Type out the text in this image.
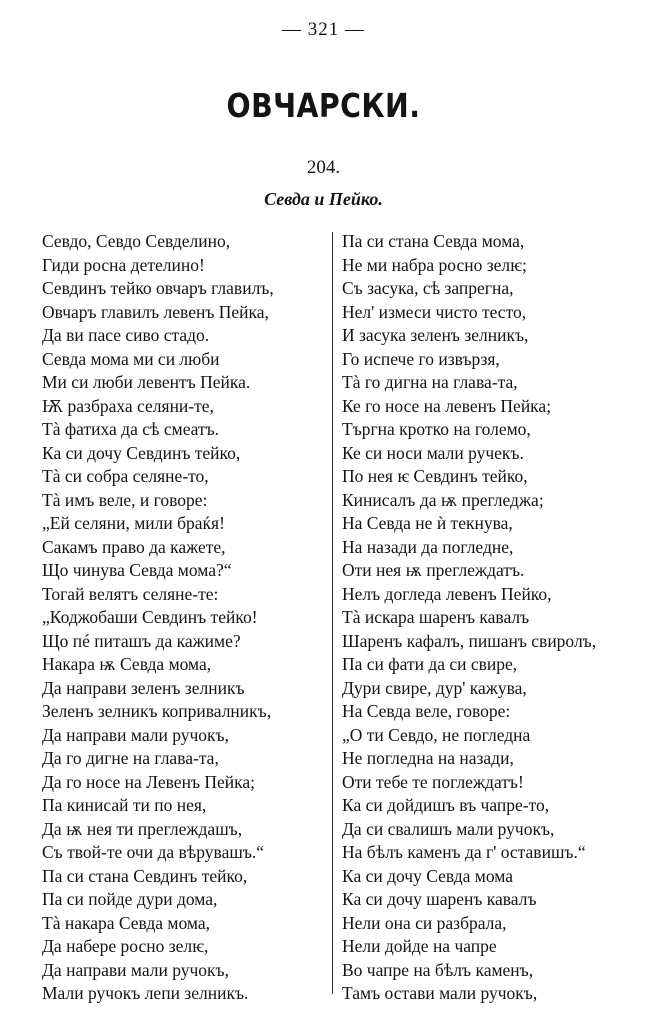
— 321 —
ОВЧАРСКИ.
204.
Севда и Пейко.
Севдо, Севдо Севделино,
Гиди росна детелино!
Севдинъ тейко овчаръ главилъ,
Овчаръ главилъ левенъ Пейка,
Да ви пасе сиво стадо.
Севда мома ми си люби
Ми си люби левентъ Пейка.
Ѭ разбраха селяни-те,
Тà фатиха да сѣ смеатъ.
Ка си дочу Севдинъ тейко,
Тà си собра селяне-то,
Тà имъ веле, и говоре:
„Ей селяни, мили браќя!
Сакамъ право да кажете,
Що чинува Севда мома?“
Тогай велятъ селяне-те:
„Коджобаши Севдинъ тейко!
Що пé питашъ да кажиме?
Накара ѭ Севда мома,
Да направи зеленъ зелникъ
Зеленъ зелникъ копривалникъ,
Да направи мали ручокъ,
Да го дигне на глава-та,
Да го носе на Левенъ Пейка;
Па кинисай ти по нея,
Да ѭ нея ти преглеждашъ,
Съ твой-те очи да вѣрувашъ.“
Па си стана Севдинъ тейко,
Па си пойде дури дома,
Тà накара Севда мома,
Да набере росно зелѥ,
Да направи мали ручокъ,
Мали ручокъ лепи зелникъ.
Па си стана Севда мома,
Не ми набра росно зелѥ;
Съ засука, сѣ запрегна,
Нел' измеси чисто тесто,
И засука зеленъ зелникъ,
Го испече го извързя,
Тà го дигна на глава-та,
Ке го носе на левенъ Пейка;
Търгна кротко на големо,
Ке си носи мали ручекъ.
По нея ѥ Севдинъ тейко,
Кинисалъ да ѭ прегледжа;
На Севда не ѝ текнува,
На назади да погледне,
Оти нея ѭ преглеждатъ.
Нелъ догледа левенъ Пейко,
Тà искара шаренъ кавалъ
Шаренъ кафалъ, пишанъ свиролъ,
Па си фати да си свире,
Дури свире, дур' кажува,
На Севда веле, говоре:
„О ти Севдо, не погледна
Не погледна на назади,
Оти тебе те поглеждатъ!
Ка си дойдишъ въ чапре-то,
Да си свалишъ мали ручокъ,
На бѣлъ каменъ да г' оставишъ.“
Ка си дочу Севда мома
Ка си дочу шаренъ кавалъ
Нели она си разбрала,
Нели дойде на чапре
Во чапре на бѣлъ каменъ,
Тамъ остави мали ручокъ,
